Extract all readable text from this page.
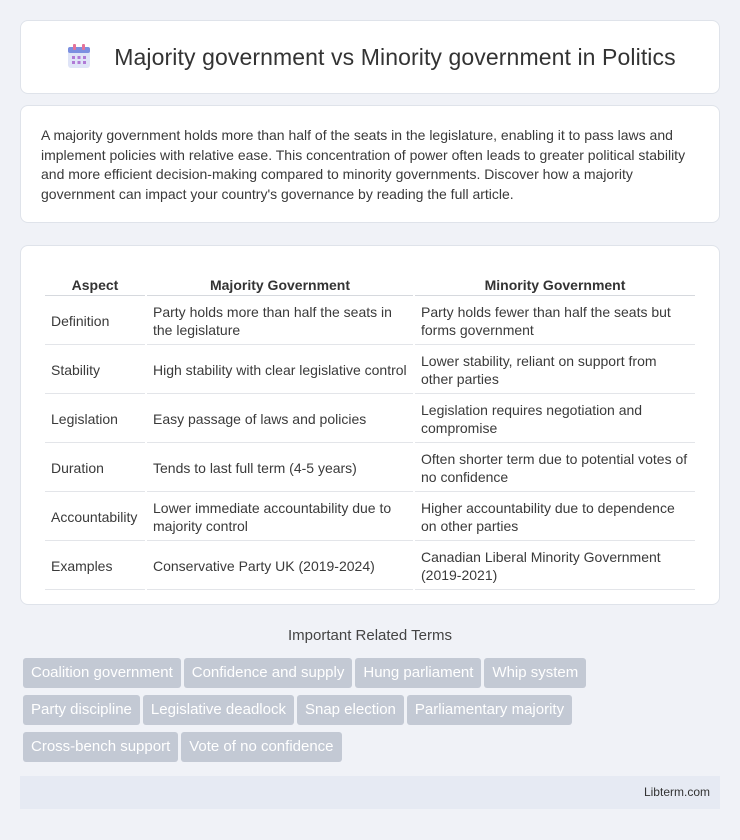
Majority government vs Minority government in Politics

A majority government holds more than half of the seats in the legislature, enabling it to pass laws and implement policies with relative ease. This concentration of power often leads to greater political stability and more efficient decision-making compared to minority governments. Discover how a majority government can impact your country's governance by reading the full article.

Aspect	Majority Government	Minority Government
Definition	Party holds more than half the seats in the legislature	Party holds fewer than half the seats but forms government
Stability	High stability with clear legislative control	Lower stability, reliant on support from other parties
Legislation	Easy passage of laws and policies	Legislation requires negotiation and compromise
Duration	Tends to last full term (4-5 years)	Often shorter term due to potential votes of no confidence
Accountability	Lower immediate accountability due to majority control	Higher accountability due to dependence on other parties
Examples	Conservative Party UK (2019-2024)	Canadian Liberal Minority Government (2019-2021)
Important Related Terms
Coalition government Confidence and supply Hung parliament Whip system
Party discipline Legislative deadlock Snap election Parliamentary majority
Cross-bench support Vote of no confidence
Libterm.com
